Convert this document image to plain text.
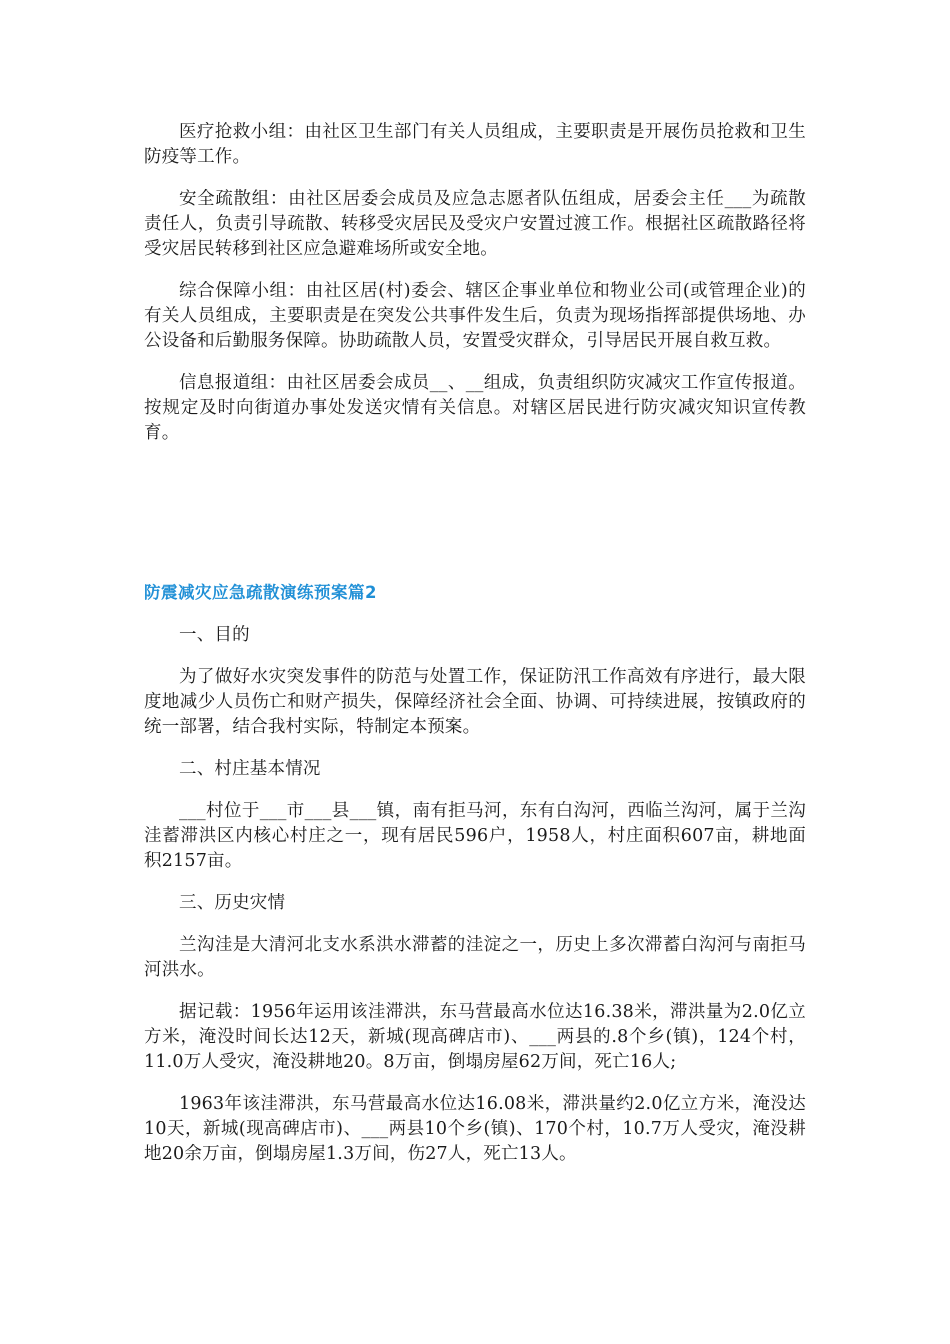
医疗抢救小组：由社区卫生部门有关人员组成，主要职责是开展伤员抢救和卫生防疫等工作。

安全疏散组：由社区居委会成员及应急志愿者队伍组成，居委会主任___为疏散责任人，负责引导疏散、转移受灾居民及受灾户安置过渡工作。根据社区疏散路径将受灾居民转移到社区应急避难场所或安全地。

综合保障小组：由社区居(村)委会、辖区企事业单位和物业公司(或管理企业)的有关人员组成，主要职责是在突发公共事件发生后，负责为现场指挥部提供场地、办公设备和后勤服务保障。协助疏散人员，安置受灾群众，引导居民开展自救互救。

信息报道组：由社区居委会成员__、__组成，负责组织防灾减灾工作宣传报道。按规定及时向街道办事处发送灾情有关信息。对辖区居民进行防灾减灾知识宣传教育。

防震减灾应急疏散演练预案篇2

一、目的

为了做好水灾突发事件的防范与处置工作，保证防汛工作高效有序进行，最大限度地减少人员伤亡和财产损失，保障经济社会全面、协调、可持续进展，按镇政府的统一部署，结合我村实际，特制定本预案。

二、村庄基本情况

___村位于___市___县___镇，南有拒马河，东有白沟河，西临兰沟河，属于兰沟洼蓄滞洪区内核心村庄之一，现有居民596户，1958人，村庄面积607亩，耕地面积2157亩。

三、历史灾情

兰沟洼是大清河北支水系洪水滞蓄的洼淀之一，历史上多次滞蓄白沟河与南拒马河洪水。

据记载：1956年运用该洼滞洪，东马营最高水位达16.38米，滞洪量为2.0亿立方米，淹没时间长达12天，新城(现高碑店市)、___两县的.8个乡(镇)，124个村，11.0万人受灾，淹没耕地20。8万亩，倒塌房屋62万间，死亡16人;

1963年该洼滞洪，东马营最高水位达16.08米，滞洪量约2.0亿立方米，淹没达10天，新城(现高碑店市)、___两县10个乡(镇)、170个村，10.7万人受灾，淹没耕地20余万亩，倒塌房屋1.3万间，伤27人，死亡13人。
